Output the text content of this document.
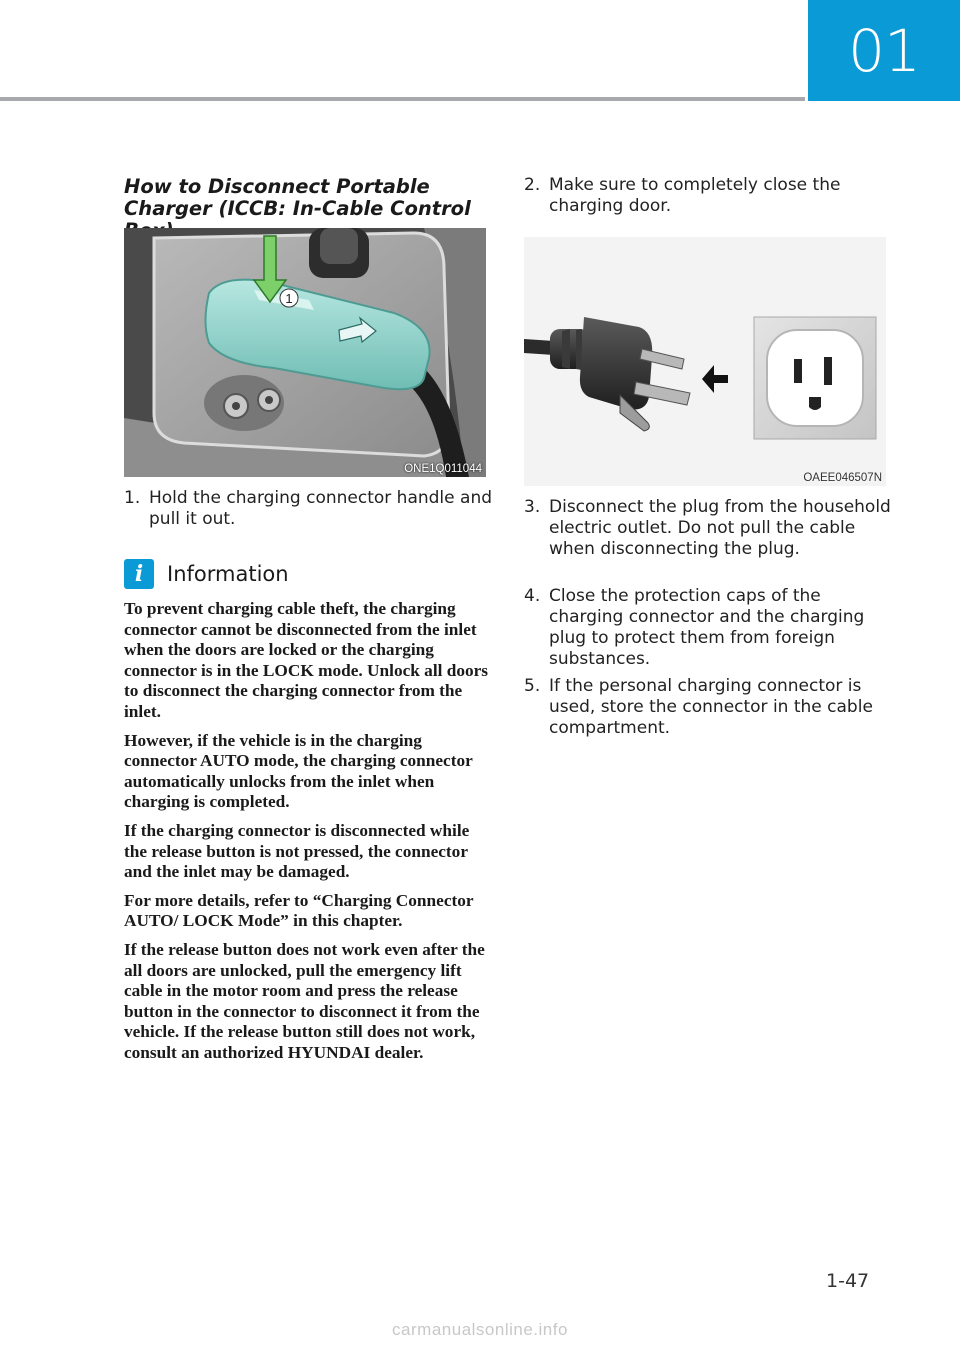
01
How to Disconnect Portable Charger (ICCB: In-Cable Control
1
ONE1Q011044
1. Hold the charging connector handle and pull it out.
i	Information

To prevent charging cable theft, the charging connector cannot be disconnected from the inlet when the doors are locked or the charging connector is in the LOCK mode. Unlock all doors to disconnect the charging connector from the inlet.

However, if the vehicle is in the charging connector AUTO mode, the charging connector automatically unlocks from the inlet when charging is completed.

If the charging connector is disconnected while the release button is not pressed, the connector and the inlet may be damaged.

For more details, refer to “Charging Connector AUTO/ LOCK Mode” in this chapter.

If the release button does not work even after the all doors are unlocked, pull the emergency lift cable in the motor room and press the release button in the connector to disconnect it from the vehicle. If the release button still does not work, consult an authorized HYUNDAI dealer.

2. Make sure to completely close the charging door.
OAEE046507N
3. Disconnect the plug from the household electric outlet. Do not pull the cable when disconnecting the plug.
4. Close the protection caps of the charging connector and the charging plug to protect them from foreign substances.
5. If the personal charging connector is used, store the connector in the cable compartment.
1-47
carmanualsonline.info
